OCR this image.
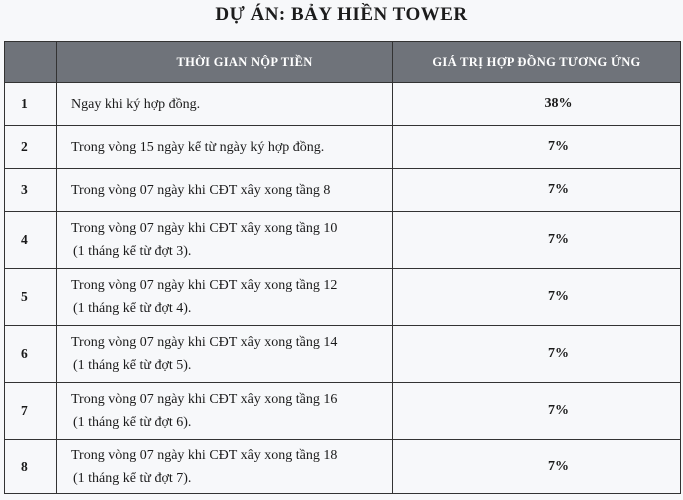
DỰ ÁN: BẢY HIỀN TOWER
	THỜI GIAN NỘP TIỀN	GIÁ TRỊ HỢP ĐỒNG TƯƠNG ỨNG
1	Ngay khi ký hợp đồng.	38%
2	Trong vòng 15 ngày kể từ ngày ký hợp đồng.	7%
3	Trong vòng 07 ngày khi CĐT xây xong tầng 8	7%
4	Trong vòng 07 ngày khi CĐT xây xong tầng 10
(1 tháng kể từ đợt 3).	7%
5	Trong vòng 07 ngày khi CĐT xây xong tầng 12
(1 tháng kể từ đợt 4).	7%
6	Trong vòng 07 ngày khi CĐT xây xong tầng 14
(1 tháng kể từ đợt 5).	7%
7	Trong vòng 07 ngày khi CĐT xây xong tầng 16
(1 tháng kể từ đợt 6).	7%
8	Trong vòng 07 ngày khi CĐT xây xong tầng 18
(1 tháng kể từ đợt 7).	7%
